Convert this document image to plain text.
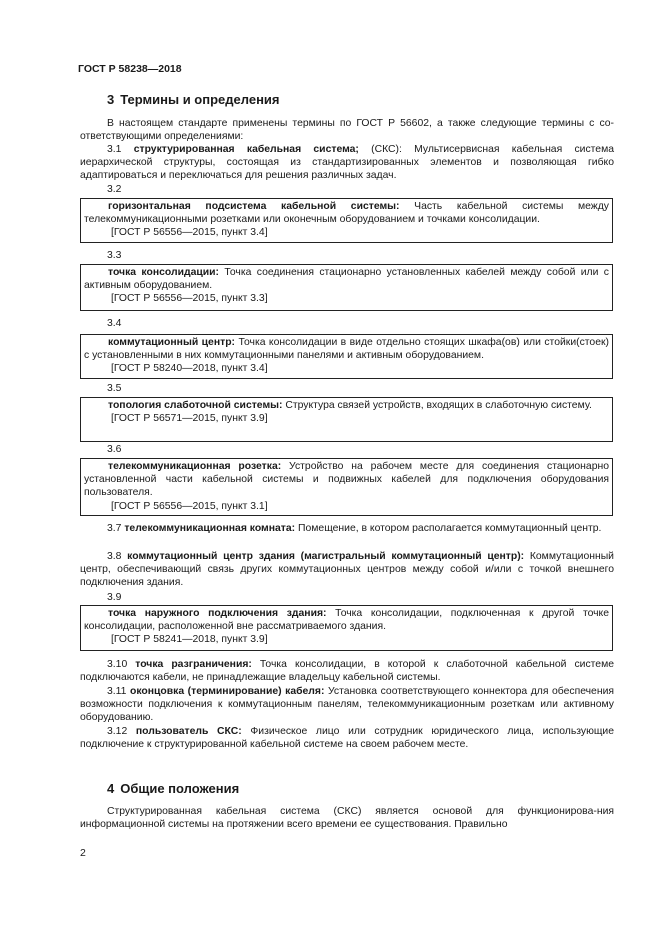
ГОСТ Р 58238—2018
3 Термины и определения
В настоящем стандарте применены термины по ГОСТ Р 56602, а также следующие термины с со-ответствующими определениями:
3.1 структурированная кабельная система; (СКС): Мультисервисная кабельная система иерархической структуры, состоящая из стандартизированных элементов и позволяющая гибко адаптироваться и переключаться для решения различных задач.
3.2
горизонтальная подсистема кабельной системы: Часть кабельной системы между телекоммуникационными розетками или оконечным оборудованием и точками консолидации.
[ГОСТ Р 56556—2015, пункт 3.4]
3.3
точка консолидации: Точка соединения стационарно установленных кабелей между собой или с активным оборудованием.
[ГОСТ Р 56556—2015, пункт 3.3]
3.4
коммутационный центр: Точка консолидации в виде отдельно стоящих шкафа(ов) или стойки(стоек) с установленными в них коммутационными панелями и активным оборудованием.
[ГОСТ Р 58240—2018, пункт 3.4]
3.5
топология слаботочной системы: Структура связей устройств, входящих в слаботочную систему.
[ГОСТ Р 56571—2015, пункт 3.9]
3.6
телекоммуникационная розетка: Устройство на рабочем месте для соединения стационарно установленной части кабельной системы и подвижных кабелей для подключения оборудования пользователя.
[ГОСТ Р 56556—2015, пункт 3.1]
3.7 телекоммуникационная комната: Помещение, в котором располагается коммутационный центр.
3.8 коммутационный центр здания (магистральный коммутационный центр): Коммутационный центр, обеспечивающий связь других коммутационных центров между собой и/или с точкой внешнего подключения здания.
3.9
точка наружного подключения здания: Точка консолидации, подключенная к другой точке консолидации, расположенной вне рассматриваемого здания.
[ГОСТ Р 58241—2018, пункт 3.9]
3.10 точка разграничения: Точка консолидации, в которой к слаботочной кабельной системе подключаются кабели, не принадлежащие владельцу кабельной системы.
3.11 оконцовка (терминирование) кабеля: Установка соответствующего коннектора для обеспечения возможности подключения к коммутационным панелям, телекоммуникационным розеткам или активному оборудованию.
3.12 пользователь СКС: Физическое лицо или сотрудник юридического лица, использующие подключение к структурированной кабельной системе на своем рабочем месте.
4 Общие положения
Структурированная кабельная система (СКС) является основой для функционирова-ния информационной системы на протяжении всего времени ее существования. Правильно
2
